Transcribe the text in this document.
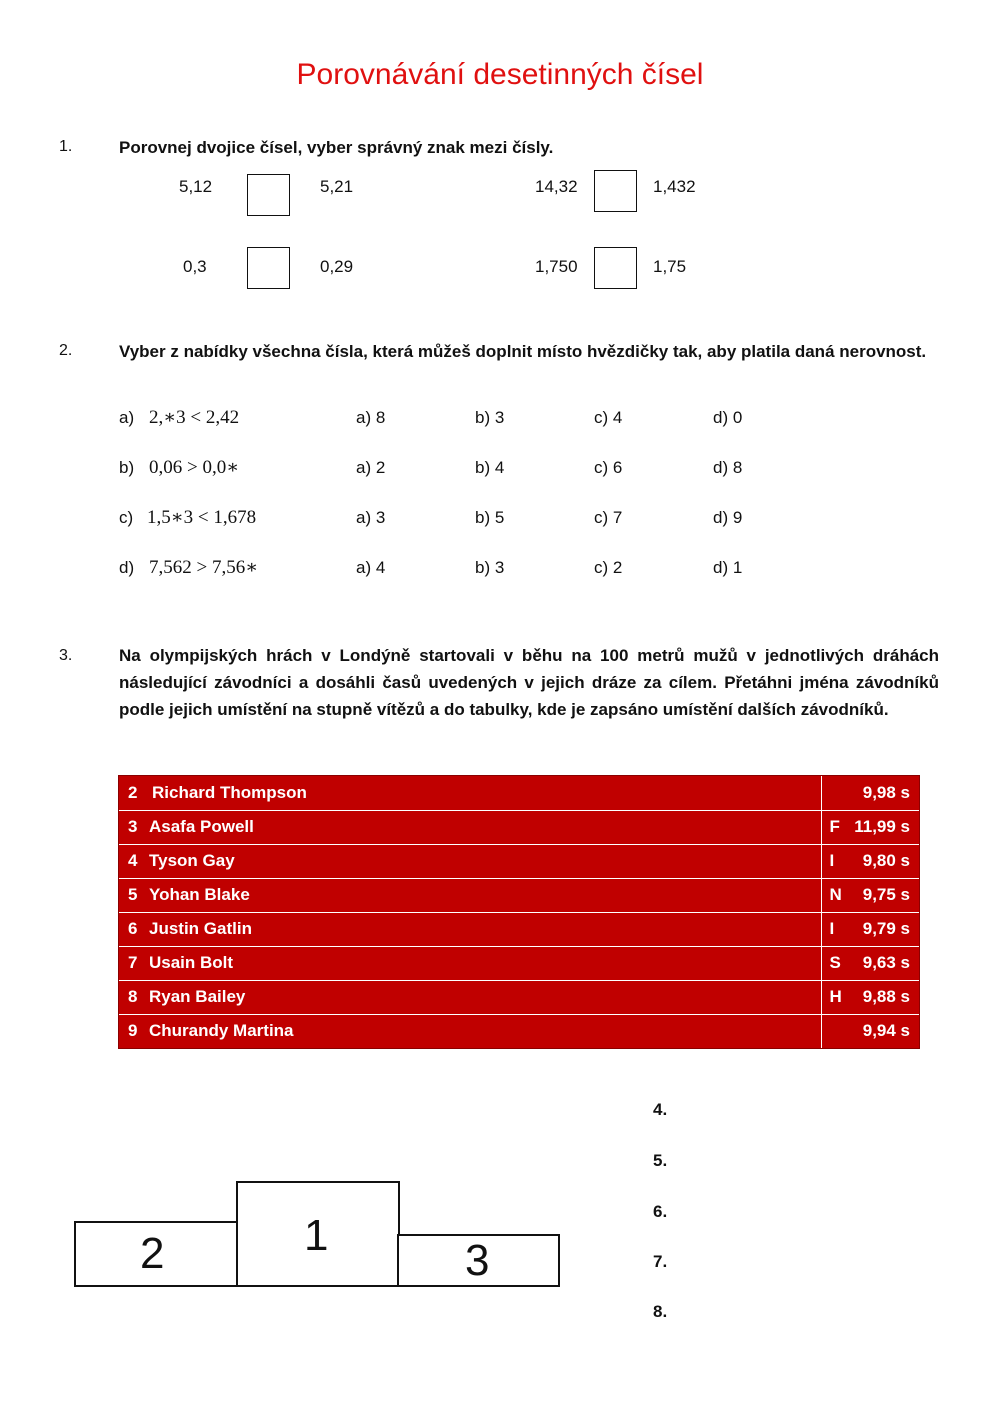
Porovnávání desetinných čísel
1.	Porovnej dvojice čísel, vyber správný znak mezi čísly.
5,12	5,21	14,32	1,432
0,3	0,29	1,750	1,75
2.	Vyber z nabídky všechna čísla, která můžeš doplnit místo hvězdičky tak, aby platila daná nerovnost.
a) 2,∗3 < 2,42	a) 8	b) 3	c) 4	d) 0
b) 0,06 > 0,0∗	a) 2	b) 4	c) 6	d) 8
c) 1,5∗3 < 1,678	a) 3	b) 5	c) 7	d) 9
d) 7,562 > 7,56∗	a) 4	b) 3	c) 2	d) 1
3.	Na olympijských hrách v Londýně startovali v běhu na 100 metrů mužů v jednotlivých dráhách následující závodníci a dosáhli časů uvedených v jejich dráze za cílem. Přetáhni jména závodníků podle jejich umístění na stupně vítězů a do tabulky, kde je zapsáno umístění dalších závodníků.
2	Richard Thompson		9,98 s
3	Asafa Powell	F	11,99 s
4	Tyson Gay	I	9,80 s
5	Yohan Blake	N	9,75 s
6	Justin Gatlin	I	9,79 s
7	Usain Bolt	S	9,63 s
8	Ryan Bailey	H	9,88 s
9	Churandy Martina		9,94 s
2	1
3
4.
5.
6.
7.
8.
